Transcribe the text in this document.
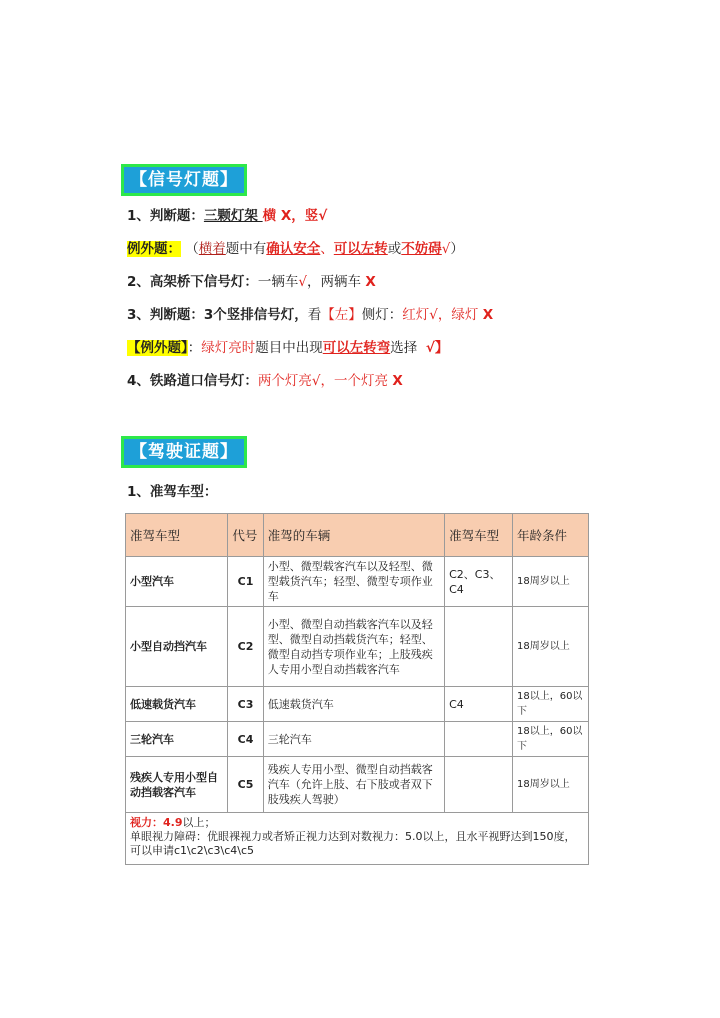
【信号灯题】
1、判断题：三颗灯架 横 X，竖√
例外题： （横着题中有确认安全、可以左转或不妨碍√）
2、高架桥下信号灯：一辆车√，两辆车 X
3、判断题：3个竖排信号灯，看【左】侧灯：红灯√，绿灯 X
【例外题】：绿灯亮时题目中出现可以左转弯选择 √】
4、铁路道口信号灯：两个灯亮√，一个灯亮 X
【驾驶证题】
1、准驾车型：
准驾车型	代号	准驾的车辆	准驾车型	年龄条件
小型汽车	C1	小型、微型载客汽车以及轻型、微型载货汽车；轻型、微型专项作业车	C2、C3、C4	18周岁以上
小型自动挡汽车	C2	小型、微型自动挡载客汽车以及轻型、微型自动挡载货汽车；轻型、微型自动挡专项作业车；上肢残疾人专用小型自动挡载客汽车		18周岁以上
低速载货汽车	C3	低速载货汽车	C4	18以上，60以下
三轮汽车	C4	三轮汽车		18以上，60以下
残疾人专用小型自动挡载客汽车	C5	残疾人专用小型、微型自动挡载客汽车（允许上肢、右下肢或者双下肢残疾人驾驶）		18周岁以上
视力：4.9以上；
单眼视力障碍：优眼裸视力或者矫正视力达到对数视力：5.0以上，且水平视野达到150度，可以申请c1\c2\c3\c4\c5				
